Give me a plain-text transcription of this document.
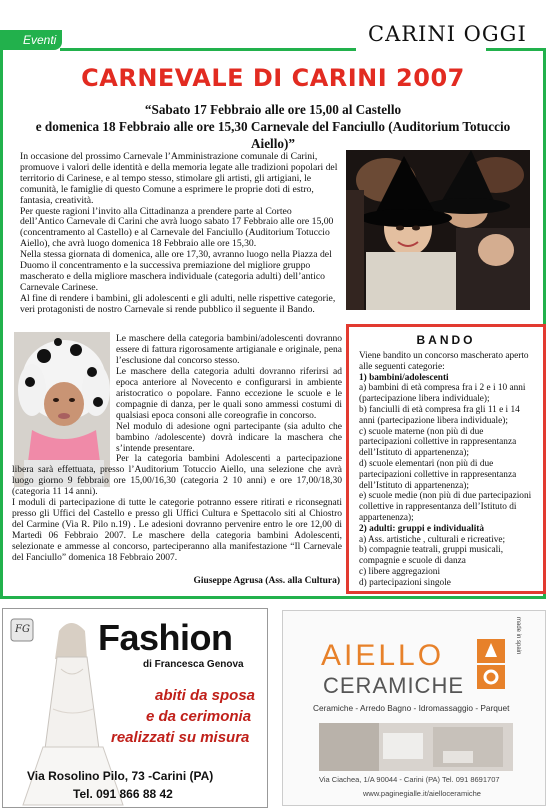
Eventi	CARINI OGGI
CARNEVALE DI CARINI 2007
“Sabato 17 Febbraio alle ore 15,00 al Castello
e domenica 18 Febbraio alle ore 15,30 Carnevale del Fanciullo (Auditorium Totuccio Aiello)”

In occasione del prossimo Carnevale l’Amministrazione comunale di Carini, promuove i valori delle identità e della memoria legate alle tradizioni popolari del territorio di Carinese, e al tempo stesso, stimolare gli artisti, gli artigiani, le comunità, le famiglie di questo Comune a esprimere le proprie doti di estro, fantasia, creatività.

Per queste ragioni l’invito alla Cittadinanza a prendere parte al Corteo dell’Antico Carnevale di Carini che avrà luogo sabato 17 Febbraio alle ore 15,00 (concentramento al Castello) e al Carnevale del Fanciullo (Auditorium Totuccio Aiello), che avrà luogo domenica 18 Febbraio alle ore 15,30.

Nella stessa giornata di domenica, alle ore 17,30, avranno luogo nella Piazza del Duomo il concentramento e la successiva premiazione del migliore gruppo mascherato e della migliore maschera individuale (categoria adulti) dell’antico Carnevale Carinese.

Al fine di rendere i bambini, gli adolescenti e gli adulti, nelle rispettive categorie, veri protagonisti de nostro Carnevale si rende pubblico il seguente il Bando.

Le maschere della categoria bambini/adolescenti dovranno essere di fattura rigorosamente artigianale e originale, pena l’esclusione dal concorso stesso.

Le maschere della categoria adulti dovranno riferirsi ad epoca anteriore al Novecento e configurarsi in ambiente aristocratico o popolare. Fanno eccezione le scuole e le compagnie di danza, per le quali sono ammessi costumi di qualsiasi epoca consoni alle coreografie in concorso.

Nel modulo di adesione ogni partecipante (sia adulto che bambino /adolescente) dovrà indicare la maschera che s’intende presentare.

Per la categoria bambini Adolescenti a partecipazione libera sarà effettuata, presso l’Auditorium Totuccio Aiello, una selezione che avrà luogo giorno 9 febbraio ore 15,00/16,30 (categoria 2 10 anni) e ore 17,00/18,30 (categoria 11 14 anni).

I moduli di partecipazione di tutte le categorie potranno essere ritirati e riconsegnati presso gli Uffici del Castello e presso gli Uffici Cultura e Spettacolo siti al Chiostro del Carmine (Via R. Pilo n.19) . Le adesioni dovranno pervenire entro le ore 12,00 di Martedì 06 Febbraio 2007. Le maschere della categoria bambini Adolescenti, selezionate e ammesse al concorso, parteciperanno alla manifestazione “Il Carnevale del Fanciullo” domenica 18 Febbraio 2007.

Giuseppe Agrusa (Ass. alla Cultura)
BANDO

Viene bandito un concorso mascherato aperto alle seguenti categorie:

1) bambini/adolescenti

a) bambini di età compresa fra i 2 e i 10 anni (partecipazione libera individuale);

b) fanciulli di età compresa fra gli 11 e i 14 anni (partecipazione libera individuale);

c) scuole materne (non più di due partecipazioni collettive in rappresentanza dell’Istituto di appartenenza);

d) scuole elementari (non più di due partecipazioni collettive in rappresentanza dell’Istituto di appartenenza);

e) scuole medie (non più di due partecipazioni collettive in rappresentanza dell’Istituto di appartenenza);

2) adulti: gruppi e individualità

a) Ass. artistiche , culturali e ricreative;

b) compagnie teatrali, gruppi musicali, compagnie e scuole di danza

c) libere aggregazioni

d) partecipazioni singole

FG Fashion
di Francesca Genova
abiti da sposa
e da cerimonia
realizzati su misura
Via Rosolino Pilo, 73 -Carini (PA)
Tel. 091 866 88 42
AIELLO
CERAMICHE
Ceramiche - Arredo Bagno - Idromassaggio - Parquet
Via Ciachea, 1/A 90044 - Carini (PA) Tel. 091 8691707
www.paginegialle.it/aielloceramiche
made in spain
